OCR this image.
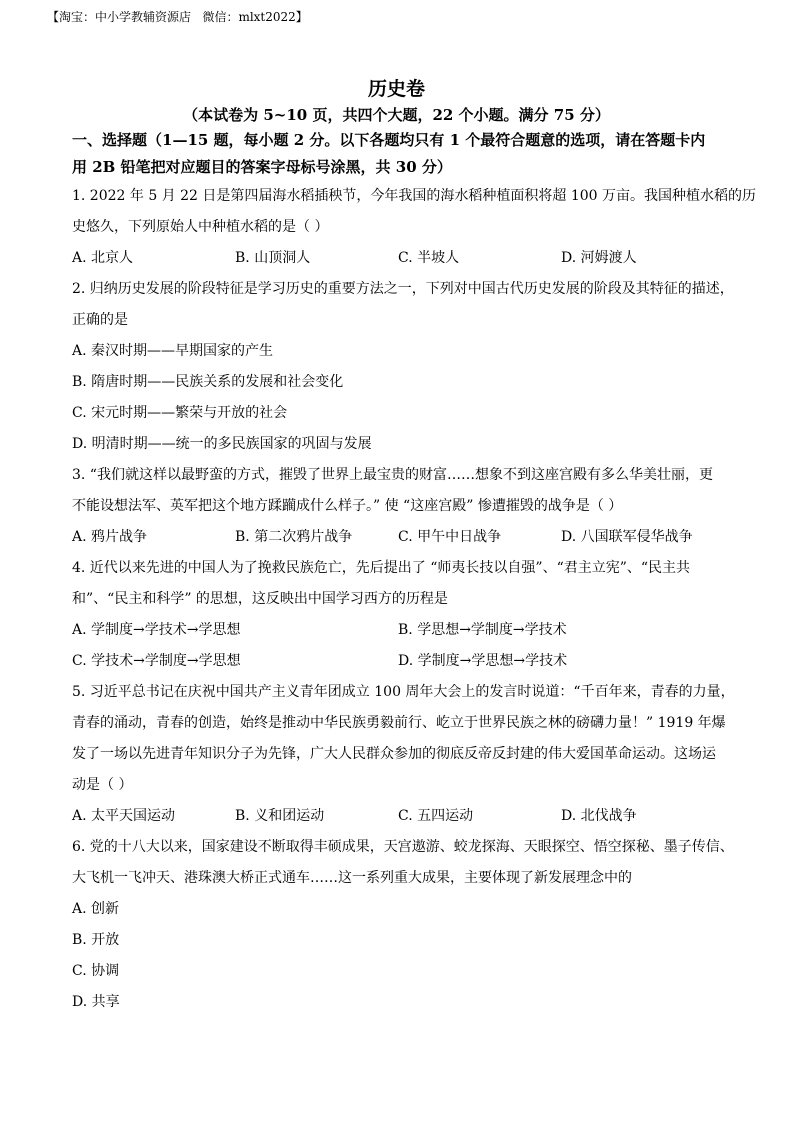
【淘宝：中小学教辅资源店   微信：mlxt2022】
历史卷
（本试卷为 5~10 页，共四个大题，22 个小题。满分 75 分）
一、选择题（1—15 题，每小题 2 分。以下各题均只有 1 个最符合题意的选项，请在答题卡内
用 2B 铅笔把对应题目的答案字母标号涂黑，共 30 分）
1. 2022 年 5 月 22 日是第四届海水稻插秧节，今年我国的海水稻种植面积将超 100 万亩。我国种植水稻的历
史悠久，下列原始人中种植水稻的是（ ）
A. 北京人	B. 山顶洞人	C. 半坡人	D. 河姆渡人
2. 归纳历史发展的阶段特征是学习历史的重要方法之一，下列对中国古代历史发展的阶段及其特征的描述，
正确的是
A. 秦汉时期——早期国家的产生
B. 隋唐时期——民族关系的发展和社会变化
C. 宋元时期——繁荣与开放的社会
D. 明清时期——统一的多民族国家的巩固与发展
3. “我们就这样以最野蛮的方式，摧毁了世界上最宝贵的财富……想象不到这座宫殿有多么华美壮丽，更
不能设想法军、英军把这个地方蹂躏成什么样子。” 使 “这座宫殿” 惨遭摧毁的战争是（ ）
A. 鸦片战争	B. 第二次鸦片战争	C. 甲午中日战争	D. 八国联军侵华战争
4. 近代以来先进的中国人为了挽救民族危亡，先后提出了 “师夷长技以自强”、“君主立宪”、“民主共
和”、“民主和科学” 的思想，这反映出中国学习西方的历程是
A. 学制度→学技术→学思想	B. 学思想→学制度→学技术
C. 学技术→学制度→学思想	D. 学制度→学思想→学技术
5. 习近平总书记在庆祝中国共产主义青年团成立 100 周年大会上的发言时说道：“千百年来，青春的力量，
青春的涌动，青春的创造，始终是推动中华民族勇毅前行、屹立于世界民族之林的磅礴力量！” 1919 年爆
发了一场以先进青年知识分子为先锋，广大人民群众参加的彻底反帝反封建的伟大爱国革命运动。这场运
动是（ ）
A. 太平天国运动	B. 义和团运动	C. 五四运动	D. 北伐战争
6. 党的十八大以来，国家建设不断取得丰硕成果，天宫遨游、蛟龙探海、天眼探空、悟空探秘、墨子传信、
大飞机一飞冲天、港珠澳大桥正式通车……这一系列重大成果，主要体现了新发展理念中的
A. 创新
B. 开放
C. 协调
D. 共享
